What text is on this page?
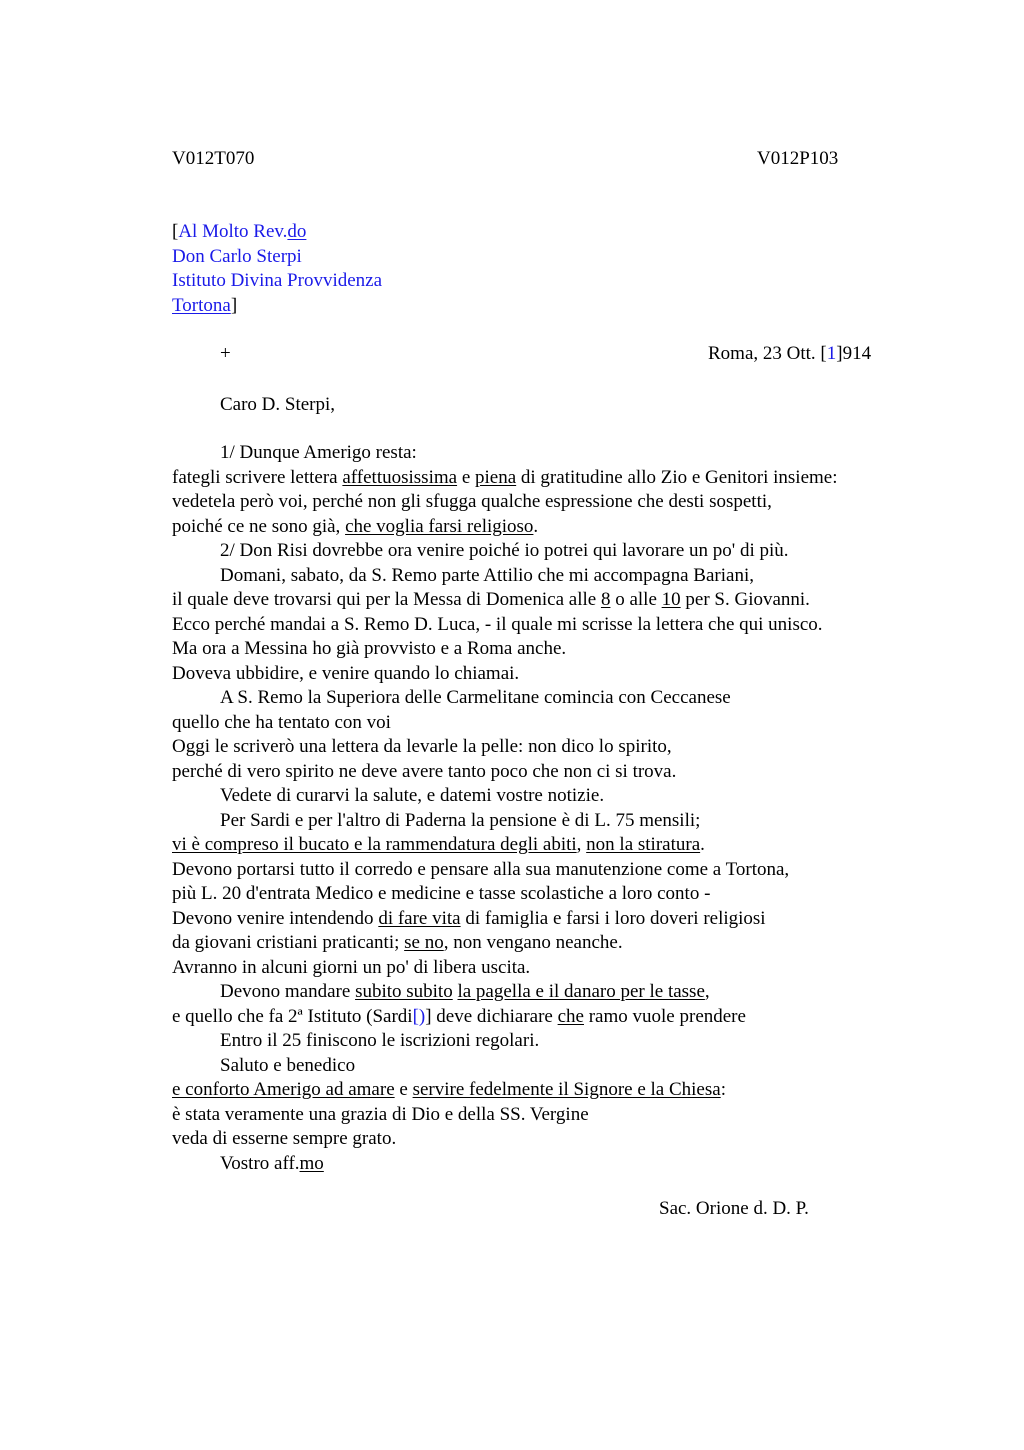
V012T070	V012P103
[Al Molto Rev.do
Don Carlo Sterpi
Istituto Divina Provvidenza
Tortona]
+	Roma, 23 Ott. [1]914
Caro D. Sterpi,
1/ Dunque Amerigo resta:
fategli scrivere lettera affettuosissima e piena di gratitudine allo Zio e Genitori insieme:
vedetela però voi, perché non gli sfugga qualche espressione che desti sospetti,
poiché ce ne sono già, che voglia farsi religioso.
2/ Don Risi dovrebbe ora venire poiché io potrei qui lavorare un po' di più.
Domani, sabato, da S. Remo parte Attilio che mi accompagna Bariani,
il quale deve trovarsi qui per la Messa di Domenica alle 8 o alle 10 per S. Giovanni.
Ecco perché mandai a S. Remo D. Luca, - il quale mi scrisse la lettera che qui unisco.
Ma ora a Messina ho già provvisto e a Roma anche.
Doveva ubbidire, e venire quando lo chiamai.
A S. Remo la Superiora delle Carmelitane comincia con Ceccanese
quello che ha tentato con voi
Oggi le scriverò una lettera da levarle la pelle: non dico lo spirito,
perché di vero spirito ne deve avere tanto poco che non ci si trova.
Vedete di curarvi la salute, e datemi vostre notizie.
Per Sardi e per l'altro di Paderna la pensione è di L. 75 mensili;
vi è compreso il bucato e la rammendatura degli abiti, non la stiratura.
Devono portarsi tutto il corredo e pensare alla sua manutenzione come a Tortona,
più L. 20 d'entrata Medico e medicine e tasse scolastiche a loro conto -
Devono venire intendendo di fare vita di famiglia e farsi i loro doveri religiosi
da giovani cristiani praticanti; se no, non vengano neanche.
Avranno in alcuni giorni un po' di libera uscita.
Devono mandare subito subito la pagella e il danaro per le tasse,
e quello che fa 2ª Istituto (Sardi[)] deve dichiarare che ramo vuole prendere
Entro il 25 finiscono le iscrizioni regolari.
Saluto e benedico
e conforto Amerigo ad amare e servire fedelmente il Signore e la Chiesa:
è stata veramente una grazia di Dio e della SS. Vergine
veda di esserne sempre grato.
Vostro aff.mo
Sac. Orione d. D. P.
